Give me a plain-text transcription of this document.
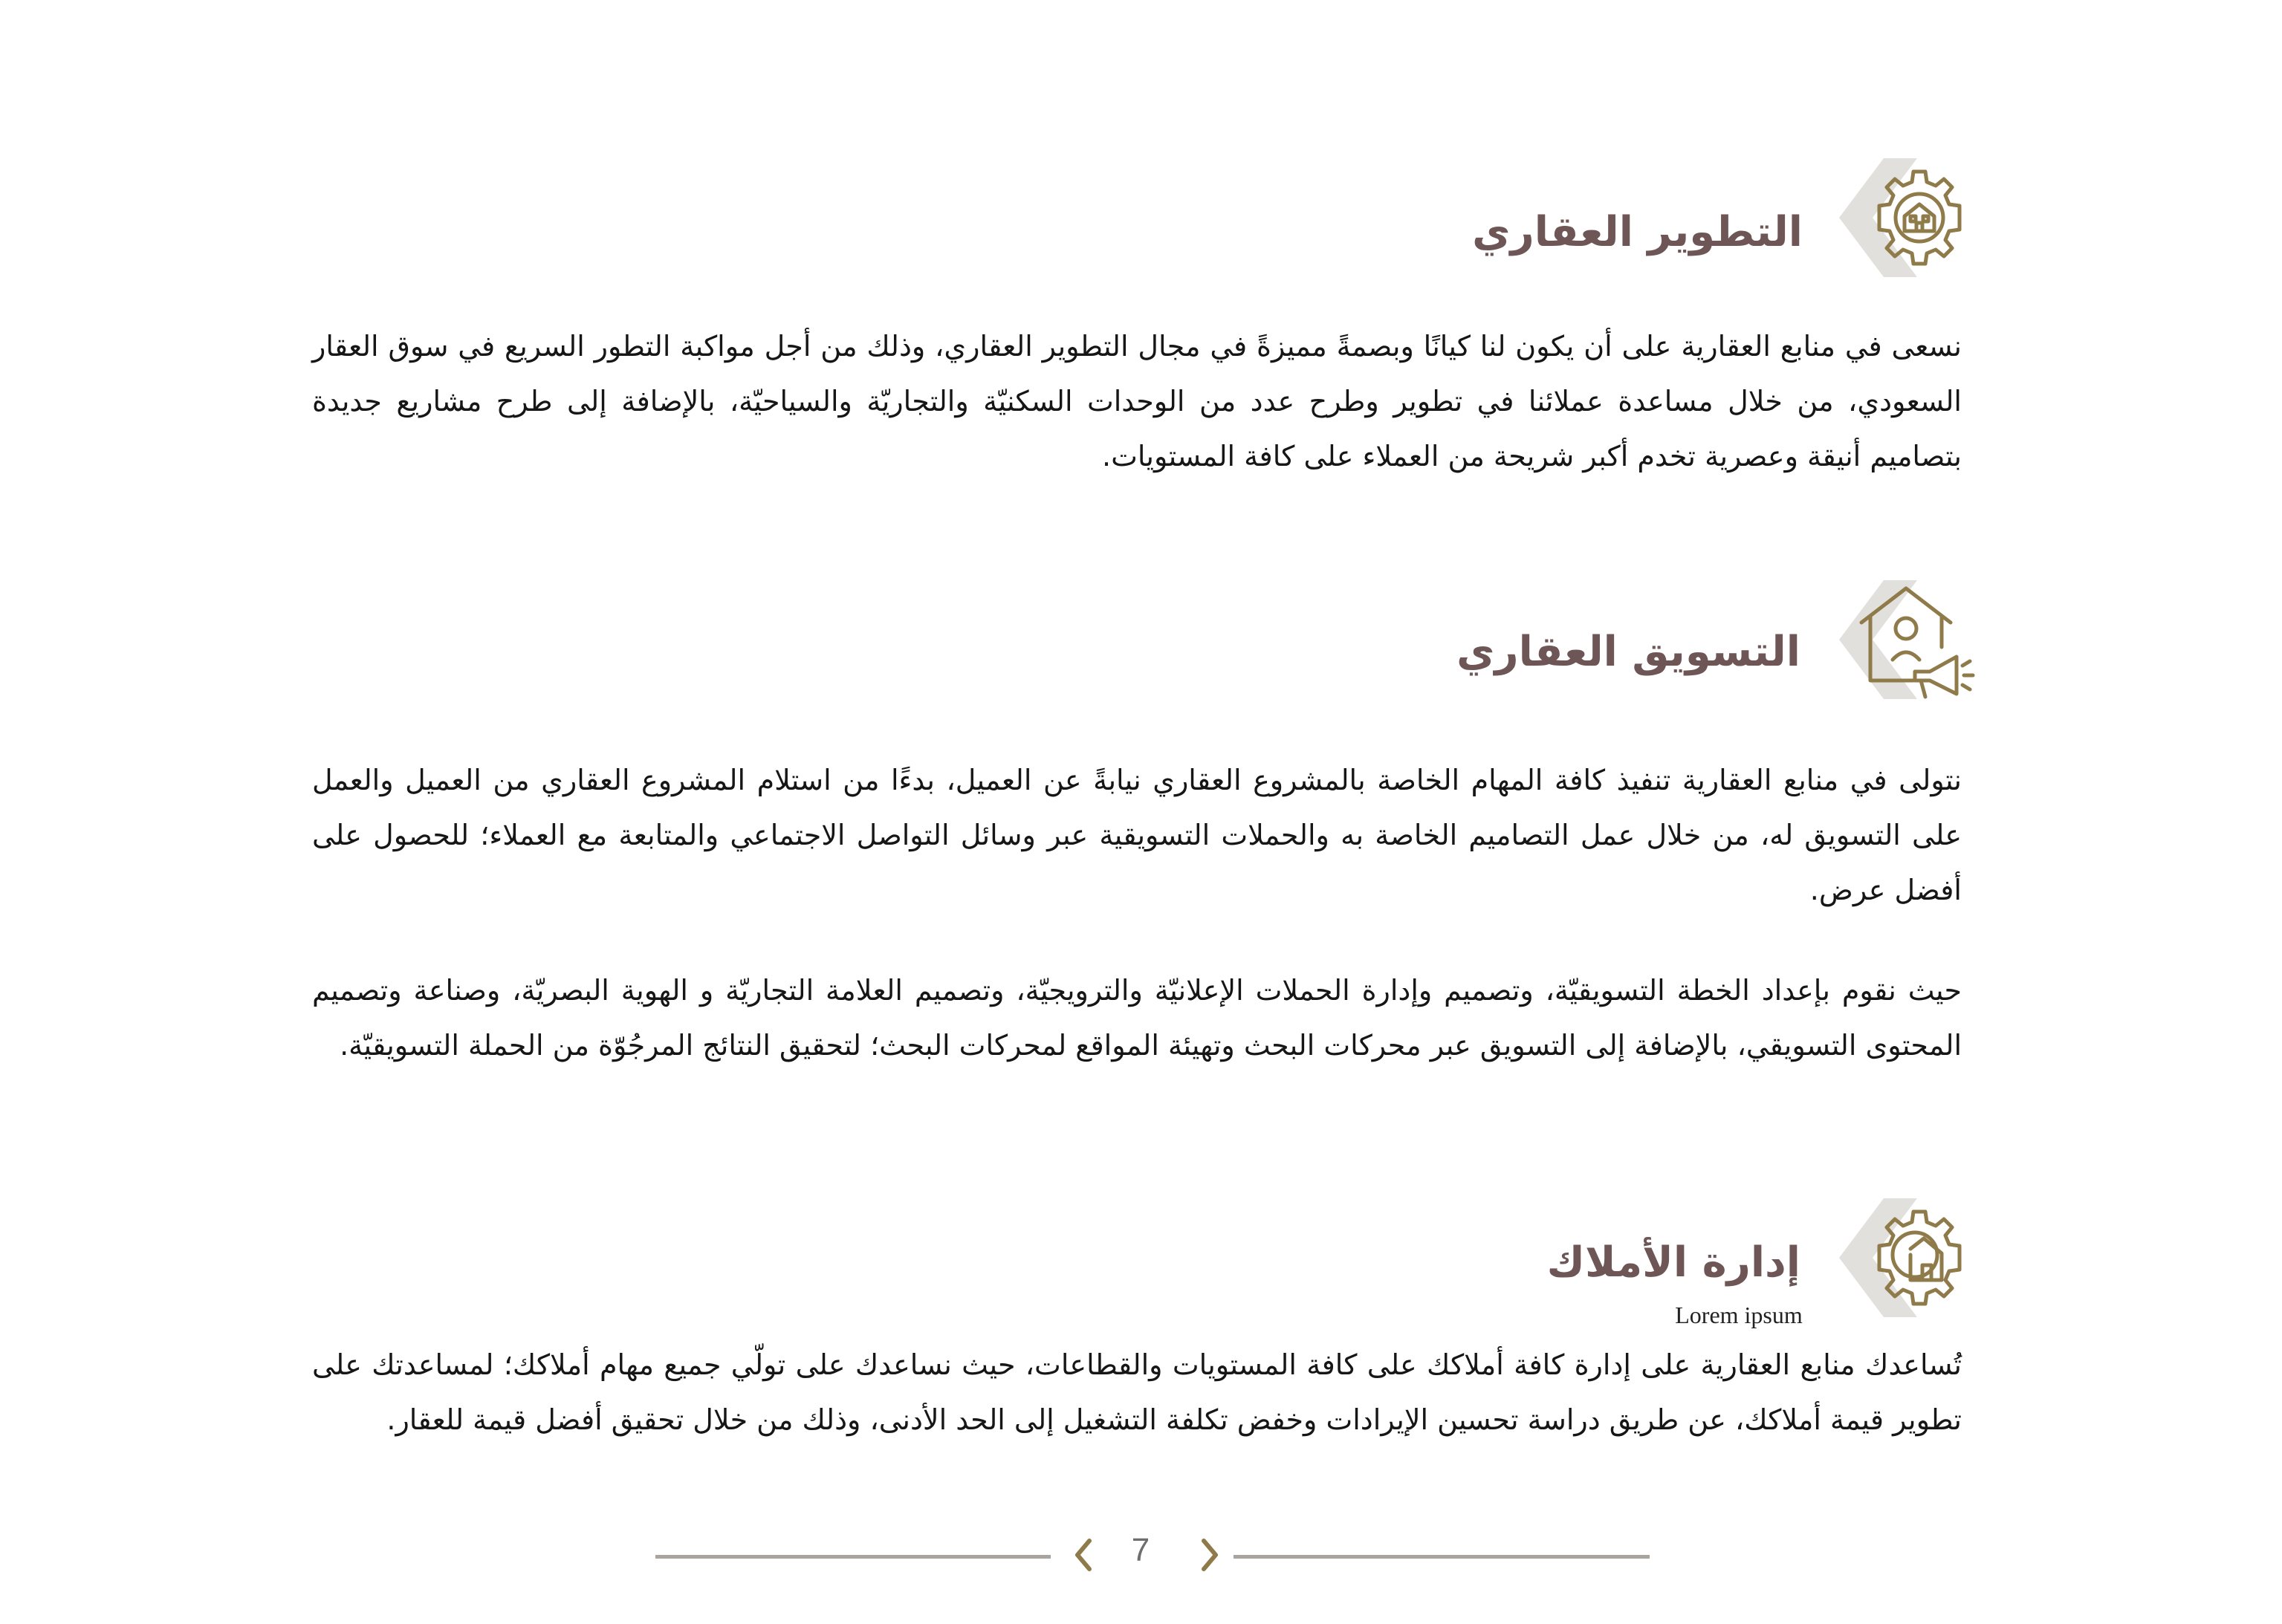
التطوير العقاري

نسعى في منابع العقارية على أن يكون لنا كيانًا وبصمةً مميزةً في مجال التطوير العقاري، وذلك من أجل مواكبة التطور السريع في سوق العقار السعودي، من خلال مساعدة عملائنا في تطوير وطرح عدد من الوحدات السكنيّة والتجاريّة والسياحيّة، بالإضافة إلى طرح مشاريع جديدة بتصاميم أنيقة وعصرية تخدم أكبر شريحة من العملاء على كافة المستويات.

التسويق العقاري

نتولى في منابع العقارية تنفيذ كافة المهام الخاصة بالمشروع العقاري نيابةً عن العميل، بدءًا من استلام المشروع العقاري من العميل والعمل على التسويق له، من خلال عمل التصاميم الخاصة به والحملات التسويقية عبر وسائل التواصل الاجتماعي والمتابعة مع العملاء؛ للحصول على أفضل عرض.

حيث نقوم بإعداد الخطة التسويقيّة، وتصميم وإدارة الحملات الإعلانيّة والترويجيّة، وتصميم العلامة التجاريّة و الهوية البصريّة، وصناعة وتصميم المحتوى التسويقي، بالإضافة إلى التسويق عبر محركات البحث وتهيئة المواقع لمحركات البحث؛ لتحقيق النتائج المرجُوّة من الحملة التسويقيّة.

إدارة الأملاك

Lorem ipsum

تُساعدك منابع العقارية على إدارة كافة أملاكك على كافة المستويات والقطاعات، حيث نساعدك على تولّي جميع مهام أملاكك؛ لمساعدتك على تطوير قيمة أملاكك، عن طريق دراسة تحسين الإيرادات وخفض تكلفة التشغيل إلى الحد الأدنى، وذلك من خلال تحقيق أفضل قيمة للعقار.

7
